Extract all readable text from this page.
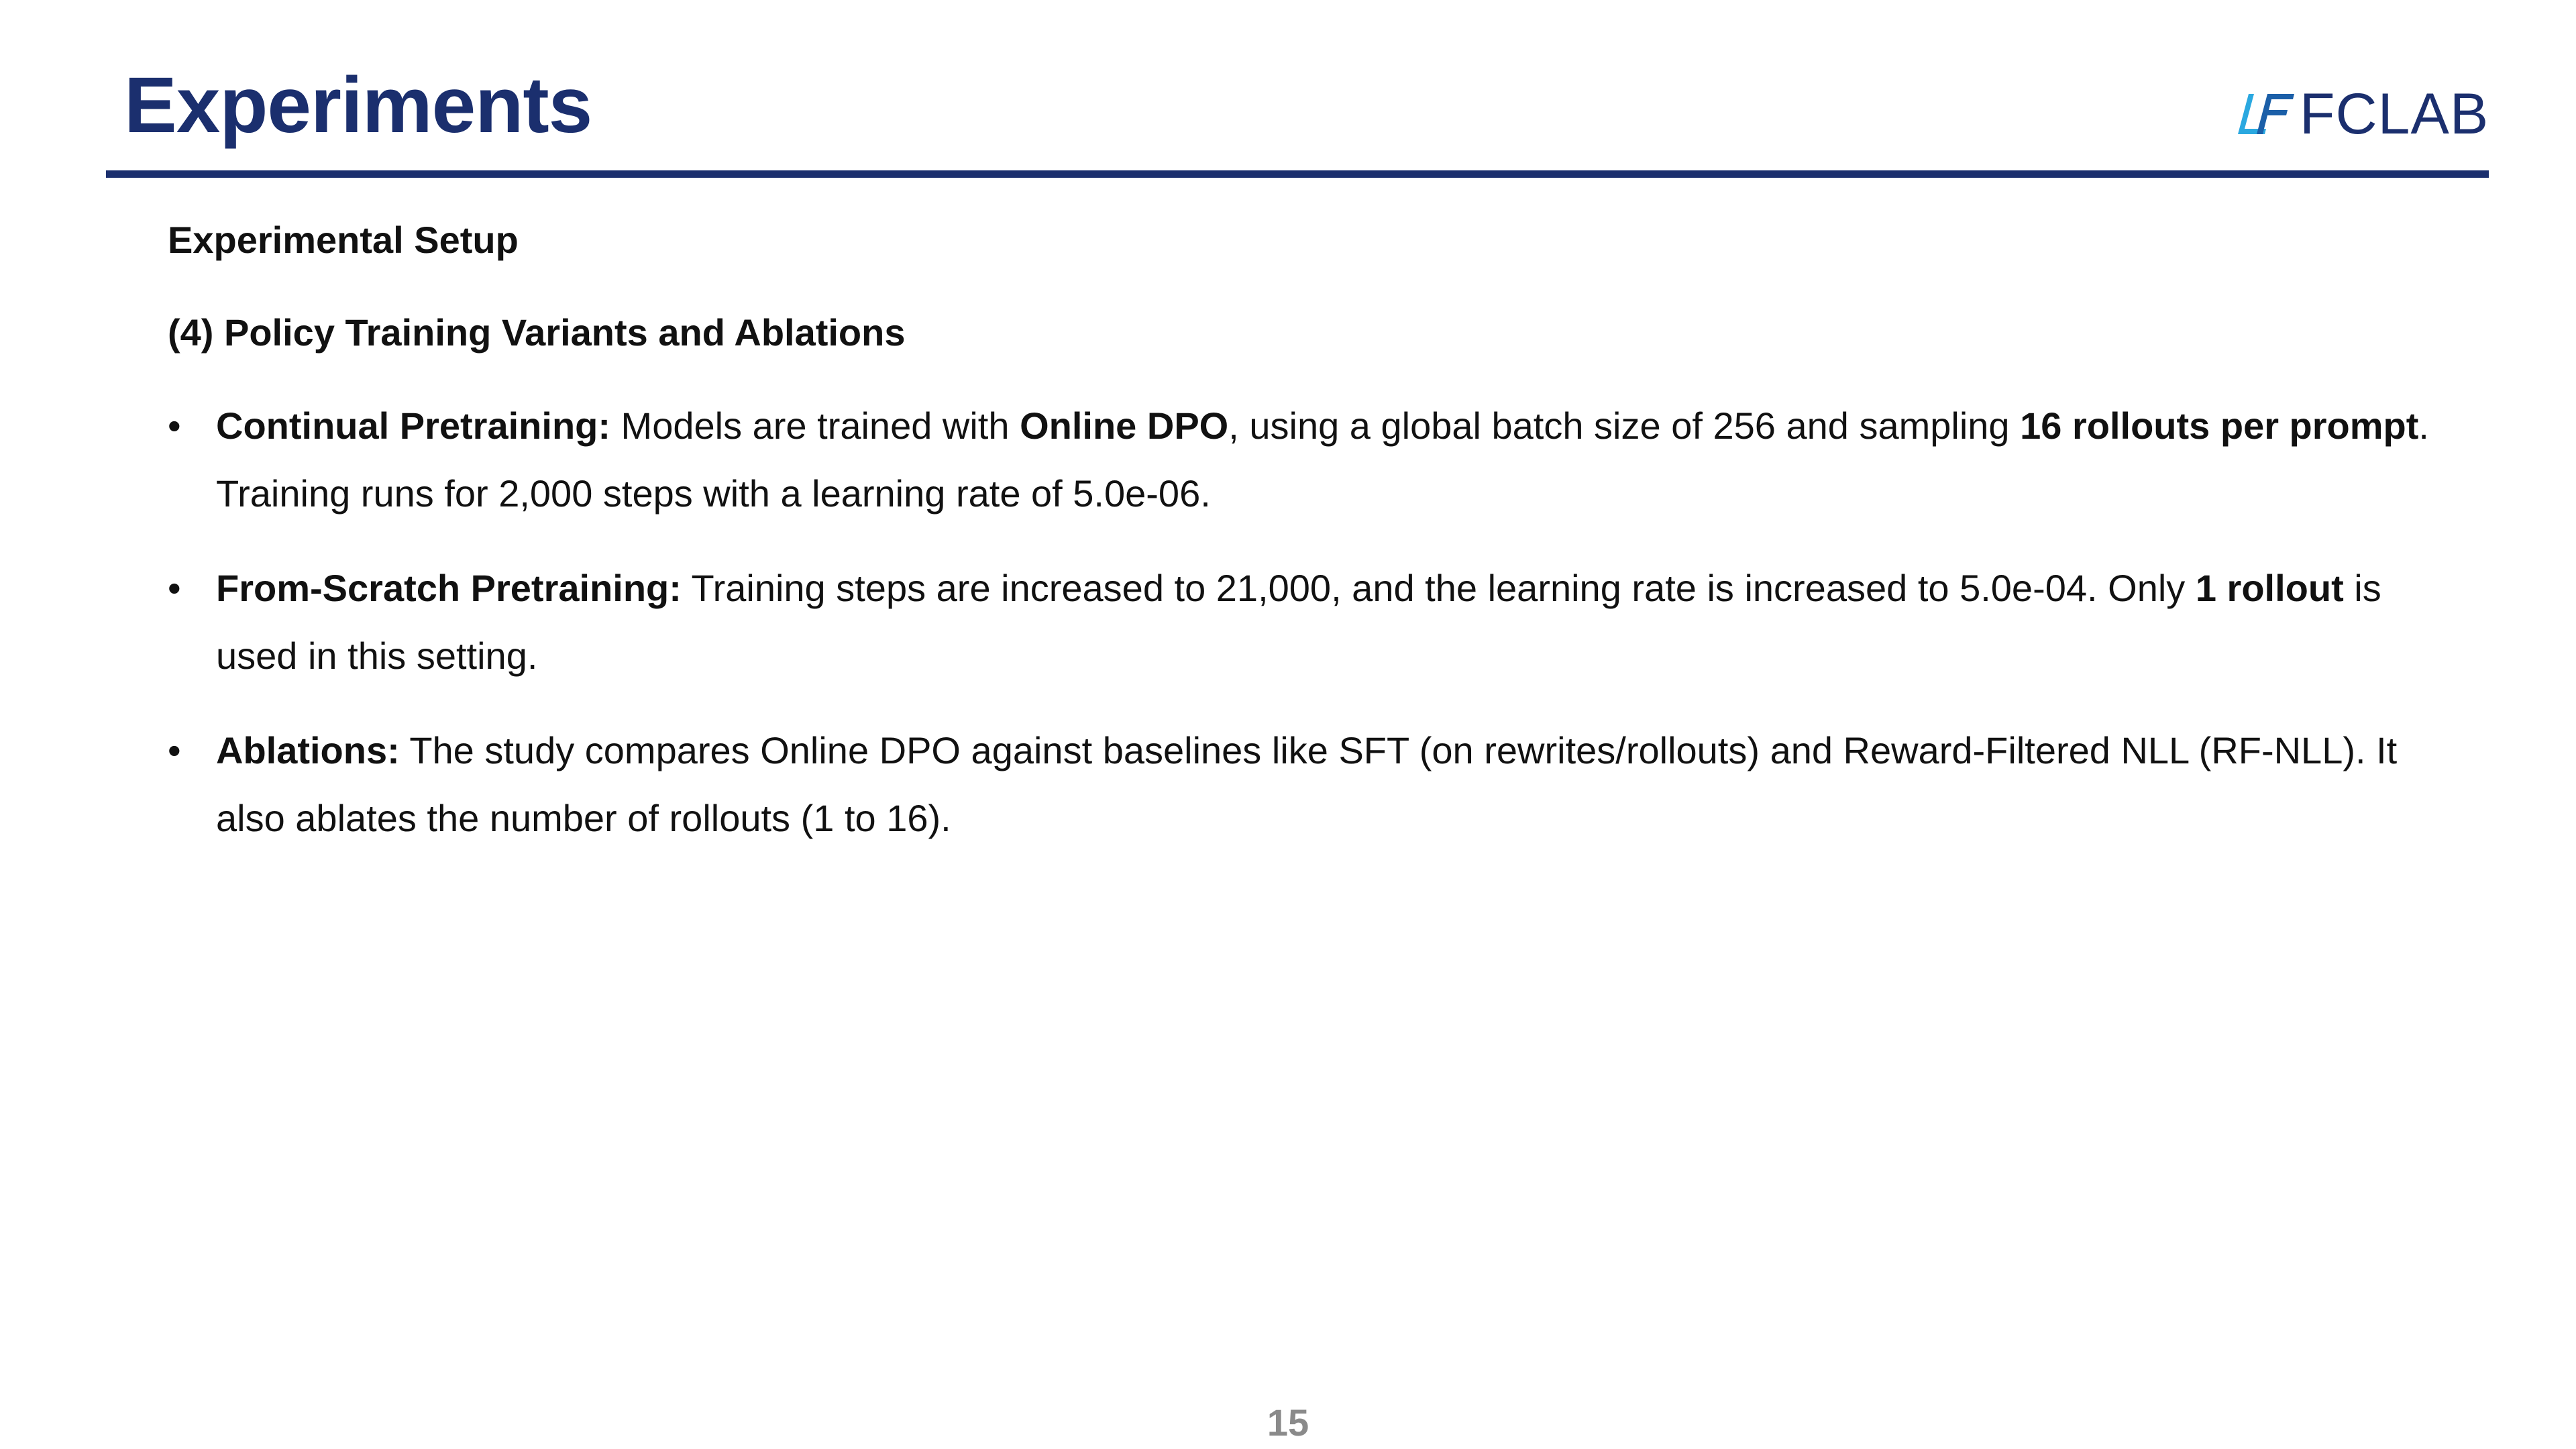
Experiments	FCLAB

Experimental Setup

(4) Policy Training Variants and Ablations

• Continual Pretraining: Models are trained with Online DPO, using a global batch size of 256 and sampling 16 rollouts per prompt. Training runs for 2,000 steps with a learning rate of 5.0e-06.
• From-Scratch Pretraining: Training steps are increased to 21,000, and the learning rate is increased to 5.0e-04. Only 1 rollout is used in this setting.
• Ablations: The study compares Online DPO against baselines like SFT (on rewrites/rollouts) and Reward-Filtered NLL (RF-NLL). It also ablates the number of rollouts (1 to 16).
15
